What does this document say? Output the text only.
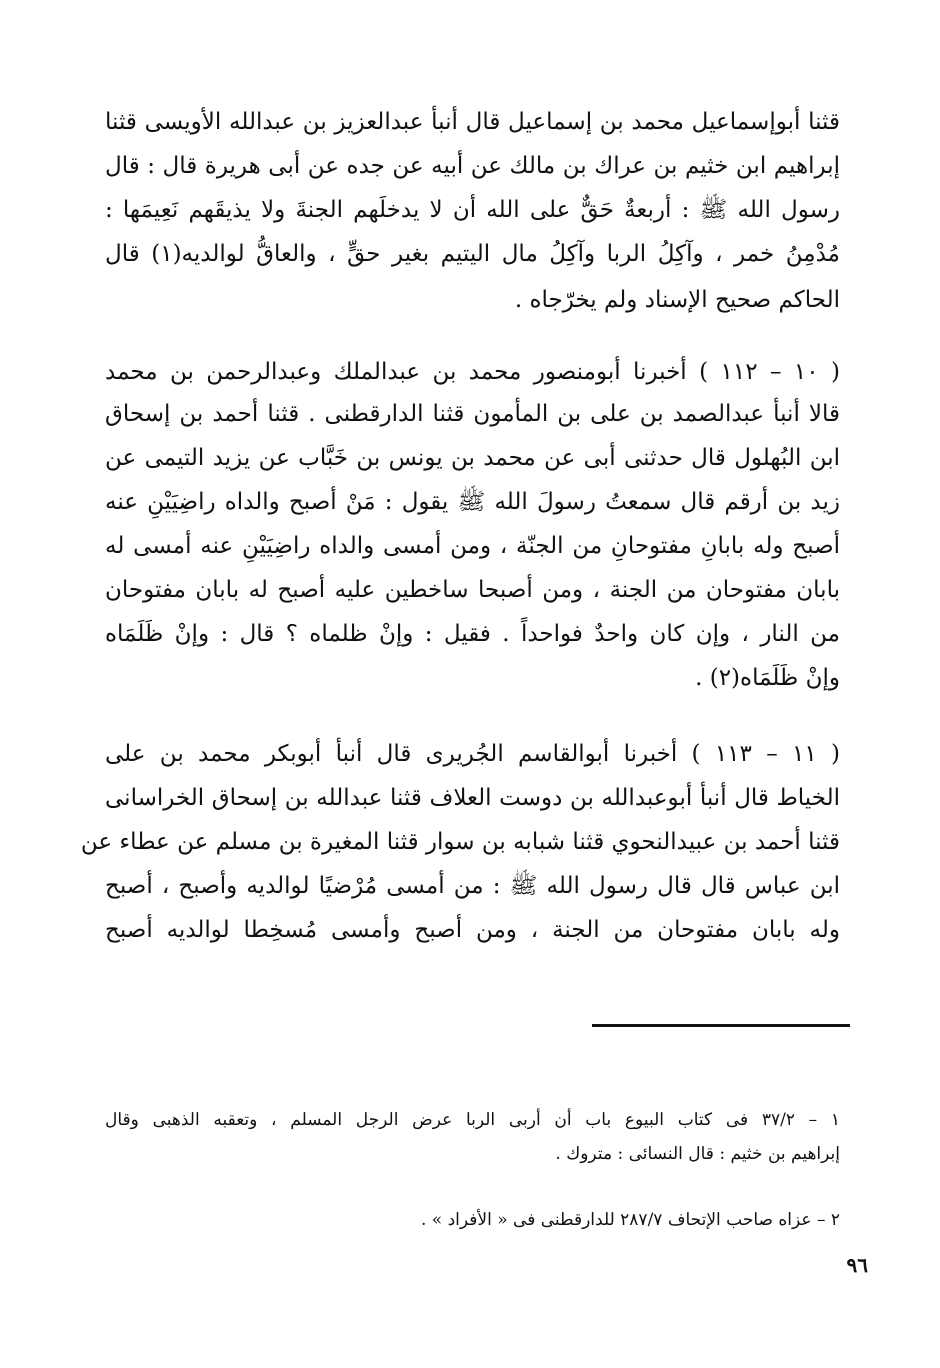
قثنا أبوإسماعيل محمد بن إسماعيل قال أنبأ عبدالعزيز بن عبدالله الأويسى قثنا
إبراهيم ابن خثيم بن عراك بن مالك عن أبيه عن جده عن أبى هريرة قال : قال
رسول الله ﷺ : أربعةٌ حَقٌّ على الله أن لا يدخلَهم الجنةَ ولا يذيقَهم نَعِيمَها :
مُدْمِنُ خمر ، وآكِلُ الربا وآكِلُ مال اليتيم بغير حقٍّ ، والعاقُّ لوالديه(١) قال
الحاكم صحيح الإسناد ولم يخرّجاه .
( ١٠ – ١١٢ ) أخبرنا أبومنصور محمد بن عبدالملك وعبدالرحمن بن محمد
قالا أنبأ عبدالصمد بن على بن المأمون قثنا الدارقطنى . قثنا أحمد بن إسحاق
ابن البُهلول قال حدثنى أبى عن محمد بن يونس بن خَبَّاب عن يزيد التيمى عن
زيد بن أرقم قال سمعتُ رسولَ الله ﷺ يقول : مَنْ أصبح والداه راضِيَيْنِ عنه
أصبح وله بابانِ مفتوحانِ من الجنّة ، ومن أمسى والداه راضِيَيْنِ عنه أمسى له
بابان مفتوحان من الجنة ، ومن أصبحا ساخطين عليه أصبح له بابان مفتوحان
من النار ، وإن كان واحدٌ فواحداً . فقيل : وإنْ ظلماه ؟ قال : وإنْ ظَلَمَاه
وإنْ ظَلَمَاه(٢) .
( ١١ – ١١٣ ) أخبرنا أبوالقاسم الجُريرى قال أنبأ أبوبكر محمد بن على
الخياط قال أنبأ أبوعبدالله بن دوست العلاف قثنا عبدالله بن إسحاق الخراسانى
قثنا أحمد بن عبيدالنحوي قثنا شبابه بن سوار قثنا المغيرة بن مسلم عن عطاء عن
ابن عباس قال قال رسول الله ﷺ : من أمسى مُرْضيًا لوالديه وأصبح ، أصبح
وله بابان مفتوحان من الجنة ، ومن أصبح وأمسى مُسخِطا لوالديه أصبح
١ – ٣٧/٢ فى كتاب البيوع باب أن أربى الربا عرض الرجل المسلم ، وتعقبه الذهبى وقال
إبراهيم بن خثيم : قال النسائى : متروك .
٢ – عزاه صاحب الإتحاف ٢٨٧/٧ للدارقطنى فى « الأفراد » .
٩٦
